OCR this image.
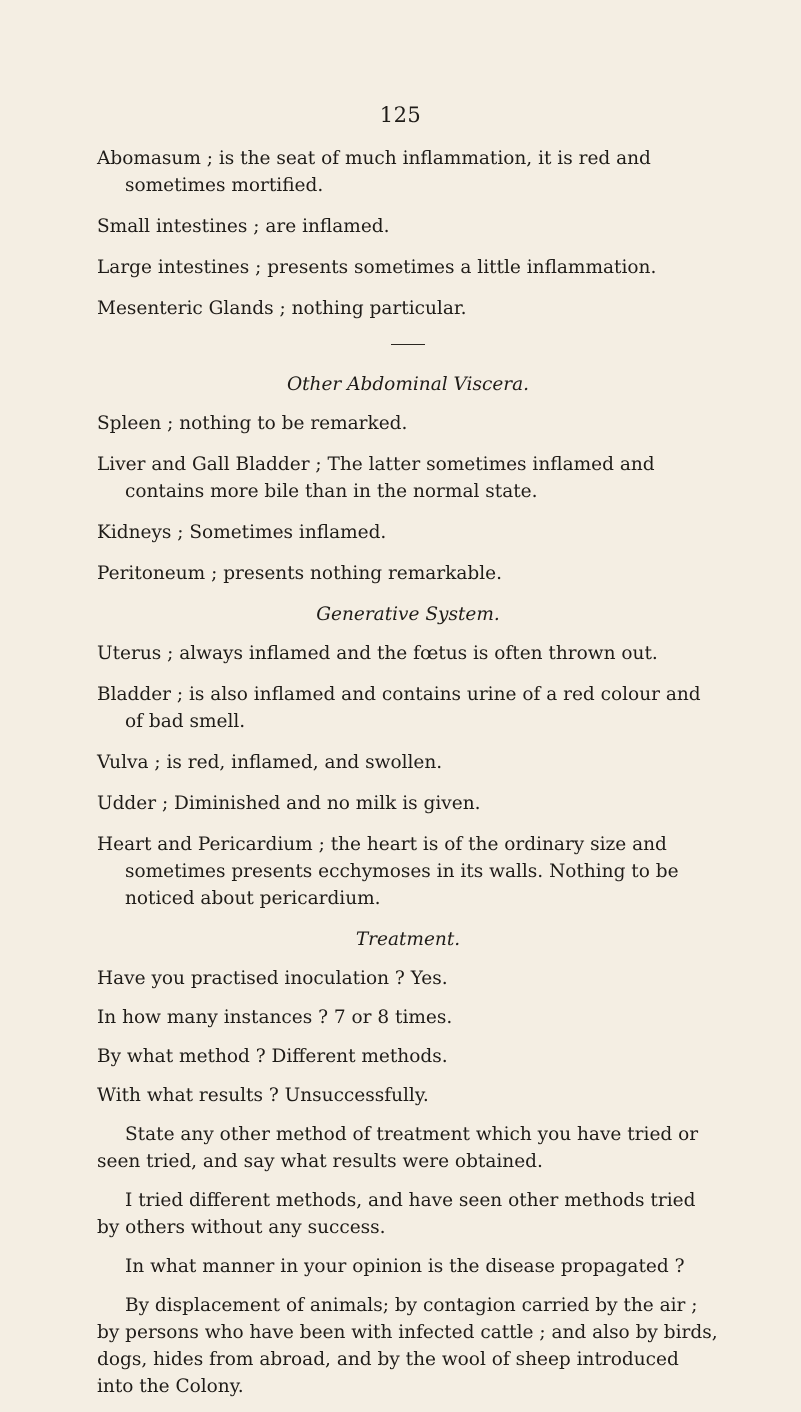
125

Abomasum ; is the seat of much inflammation, it is red and sometimes mortified.

Small intestines ; are inflamed.

Large intestines ; presents sometimes a little inflammation.

Mesenteric Glands ; nothing particular.

Other Abdominal Viscera.

Spleen ; nothing to be remarked.

Liver and Gall Bladder ; The latter sometimes inflamed and contains more bile than in the normal state.

Kidneys ; Sometimes inflamed.

Peritoneum ; presents nothing remarkable.

Generative System.

Uterus ; always inflamed and the fœtus is often thrown out.

Bladder ; is also inflamed and contains urine of a red colour and of bad smell.

Vulva ; is red, inflamed, and swollen.

Udder ; Diminished and no milk is given.

Heart and Pericardium ; the heart is of the ordinary size and sometimes presents ecchymoses in its walls. Nothing to be noticed about pericardium.

Treatment.

Have you practised inoculation ? Yes.

In how many instances ? 7 or 8 times.

By what method ? Different methods.

With what results ? Unsuccessfully.

State any other method of treatment which you have tried or seen tried, and say what results were obtained.

I tried different methods, and have seen other methods tried by others without any success.

In what manner in your opinion is the disease propagated ?

By displacement of animals; by contagion carried by the air ; by persons who have been with infected cattle ; and also by birds, dogs, hides from abroad, and by the wool of sheep introduced into the Colony.
